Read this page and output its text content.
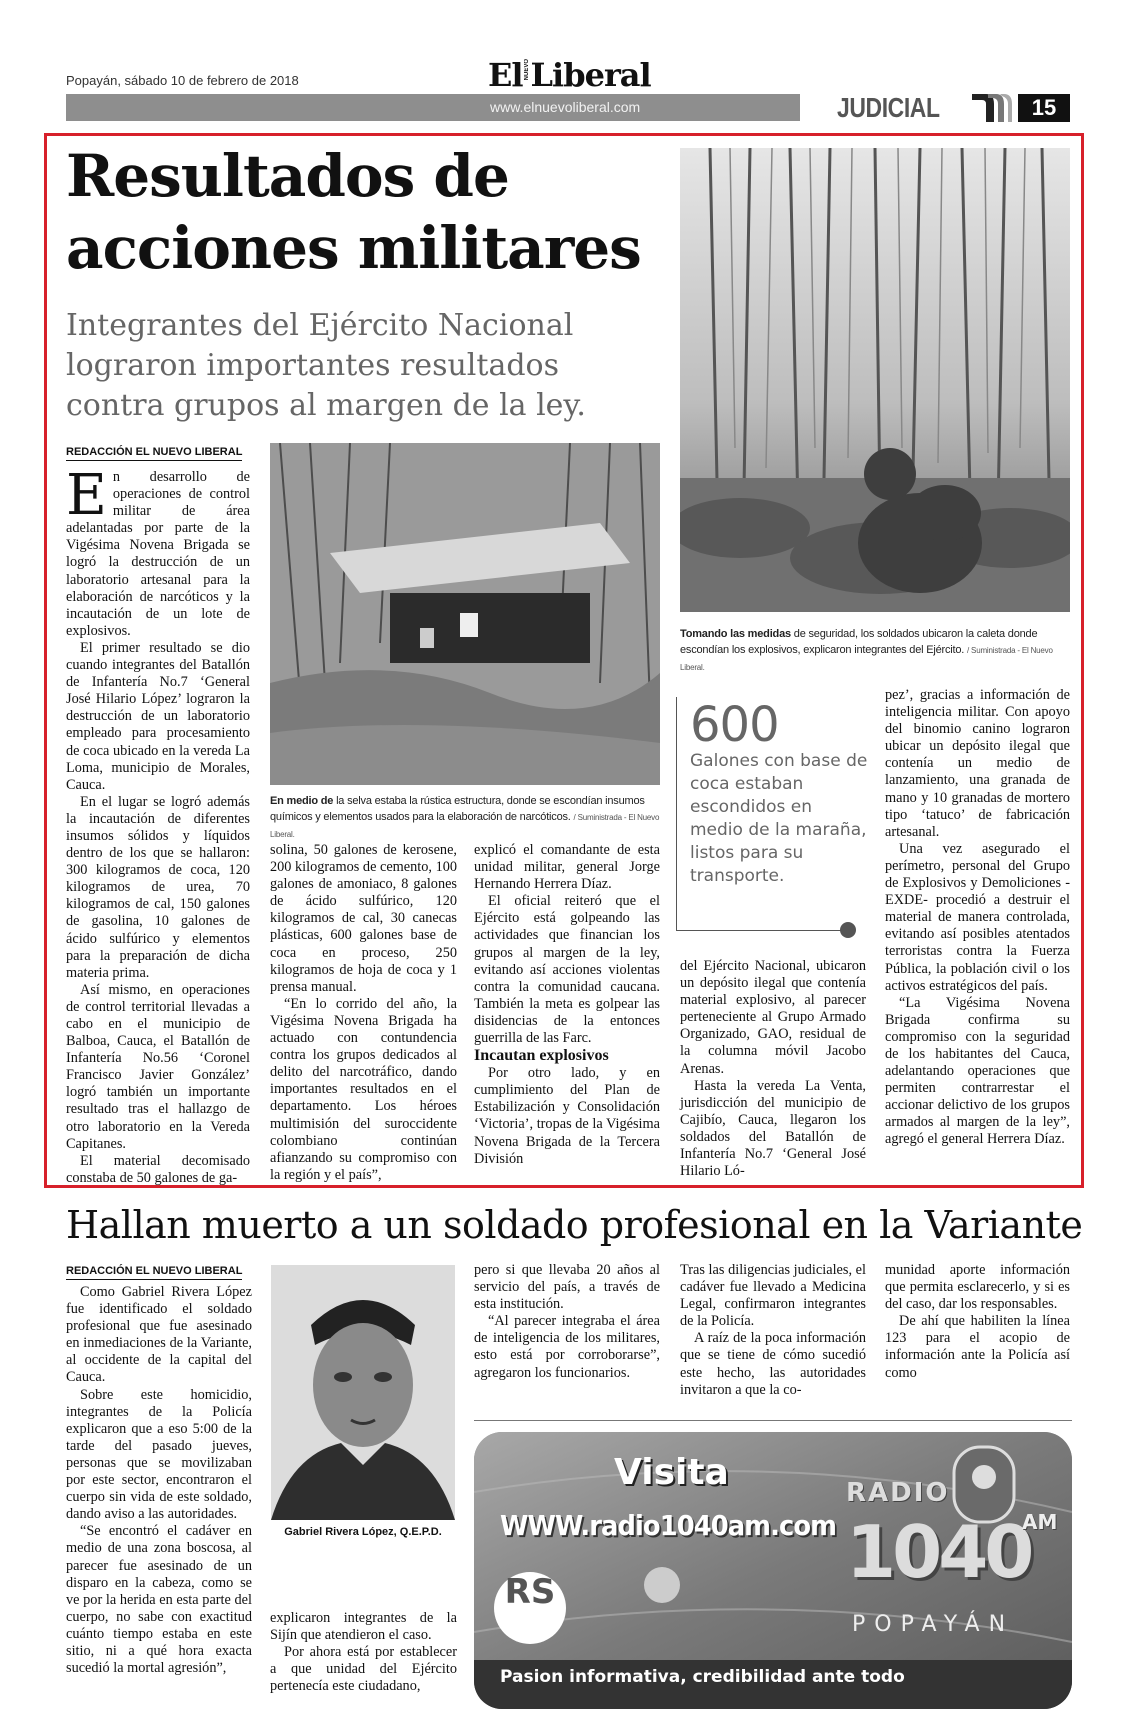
Popayán, sábado 10 de febrero de 2018	ElNUEVOLiberal
www.elnuevoliberal.com	JUDICIAL	15
Resultados de acciones militares
Integrantes del Ejército Nacional lograron importantes resultados contra grupos al margen de la ley.
Tomando las medidas de seguridad, los soldados ubicaron la caleta donde escondían los explosivos, explicaron integrantes del Ejército. / Suministrada - El Nuevo Liberal.
REDACCIÓN EL NUEVO LIBERAL

En desarrollo de operaciones de control militar de área adelantadas por parte de la Vigésima Novena Brigada se logró la destrucción de un laboratorio artesanal para la elaboración de narcóticos y la incautación de un lote de explosivos.

El primer resultado se dio cuando integrantes del Batallón de Infantería No.7 ‘General José Hilario López’ lograron la destrucción de un laboratorio empleado para procesamiento de coca ubicado en la vereda La Loma, municipio de Morales, Cauca.

En el lugar se logró además la incautación de diferentes insumos sólidos y líquidos dentro de los que se hallaron: 300 kilogramos de coca, 120 kilogramos de urea, 70 kilogramos de cal, 150 galones de gasolina, 10 galones de ácido sulfúrico y elementos para la preparación de dicha materia prima.

Así mismo, en operaciones de control territorial llevadas a cabo en el municipio de Balboa, Cauca, el Batallón de Infantería No.56 ‘Coronel Francisco Javier González’ logró también un importante resultado tras el hallazgo de otro laboratorio en la Vereda Capitanes.

El material decomisado constaba de 50 galones de ga-

En medio de la selva estaba la rústica estructura, donde se escondían insumos químicos y elementos usados para la elaboración de narcóticos. / Suministrada - El Nuevo Liberal.

solina, 50 galones de kerosene, 200 kilogramos de cemento, 100 galones de amoniaco, 8 galones de ácido sulfúrico, 120 kilogramos de cal, 30 canecas plásticas, 600 galones base de coca en proceso, 250 kilogramos de hoja de coca y 1 prensa manual.

“En lo corrido del año, la Vigésima Novena Brigada ha actuado con contundencia contra los grupos dedicados al delito del narcotráfico, dando importantes resultados en el departamento. Los héroes multimisión del suroccidente colombiano continúan afianzando su compromiso con la región y el país”,

explicó el comandante de esta unidad militar, general Jorge Hernando Herrera Díaz.

El oficial reiteró que el Ejército está golpeando las actividades que financian los grupos al margen de la ley, evitando así acciones violentas contra la comunidad caucana. También la meta es golpear las disidencias de la entonces guerrilla de las Farc.

Incautan explosivos

Por otro lado, y en cumplimiento del Plan de Estabilización y Consolidación ‘Victoria’, tropas de la Vigésima Novena Brigada de la Tercera División

600
Galones con base de coca estaban escondidos en medio de la maraña, listos para su transporte.

del Ejército Nacional, ubicaron un depósito ilegal que contenía material explosivo, al parecer perteneciente al Grupo Armado Organizado, GAO, residual de la columna móvil Jacobo Arenas.

Hasta la vereda La Venta, jurisdicción del municipio de Cajibío, Cauca, llegaron los soldados del Batallón de Infantería No.7 ‘General José Hilario Ló-

pez’, gracias a información de inteligencia militar. Con apoyo del binomio canino lograron ubicar un depósito ilegal que contenía un medio de lanzamiento, una granada de mano y 10 granadas de mortero tipo ‘tatuco’ de fabricación artesanal.

Una vez asegurado el perímetro, personal del Grupo de Explosivos y Demoliciones -EXDE- procedió a destruir el material de manera controlada, evitando así posibles atentados terroristas contra la Fuerza Pública, la población civil o los activos estratégicos del país.

“La Vigésima Novena Brigada confirma su compromiso con la seguridad de los habitantes del Cauca, adelantando operaciones que permiten contrarrestar el accionar delictivo de los grupos armados al margen de la ley”, agregó el general Herrera Díaz.

Hallan muerto a un soldado profesional en la Variante
REDACCIÓN EL NUEVO LIBERAL

Como Gabriel Rivera López fue identificado el soldado profesional que fue asesinado en inmediaciones de la Variante, al occidente de la capital del Cauca.

Sobre este homicidio, integrantes de la Policía explicaron que a eso 5:00 de la tarde del pasado jueves, personas que se movilizaban por este sector, encontraron el cuerpo sin vida de este soldado, dando aviso a las autoridades.

“Se encontró el cadáver en medio de una zona boscosa, al parecer fue asesinado de un disparo en la cabeza, como se ve por la herida en esta parte del cuerpo, no sabe con exactitud cuánto tiempo estaba en este sitio, ni a qué hora exacta sucedió la mortal agresión”,

Gabriel Rivera López, Q.E.P.D.

explicaron integrantes de la Sijín que atendieron el caso.

Por ahora está por establecer a que unidad del Ejército pertenecía este ciudadano,

pero si que llevaba 20 años al servicio del país, a través de esta institución.

“Al parecer integraba el área de inteligencia de los militares, esto está por corroborarse”, agregaron los funcionarios.

Tras las diligencias judiciales, el cadáver fue llevado a Medicina Legal, confirmaron integrantes de la Policía.

A raíz de la poca información que se tiene de cómo sucedió este hecho, las autoridades invitaron a que la co-

munidad aporte información que permita esclarecerlo, y si es del caso, dar los responsables.

De ahí que habiliten la línea 123 para el acopio de información ante la Policía así como

Visita
WWW.radio1040am.com
RADIO
1040
AM
POPAYÁN
RS
Pasion informativa, credibilidad ante todo
